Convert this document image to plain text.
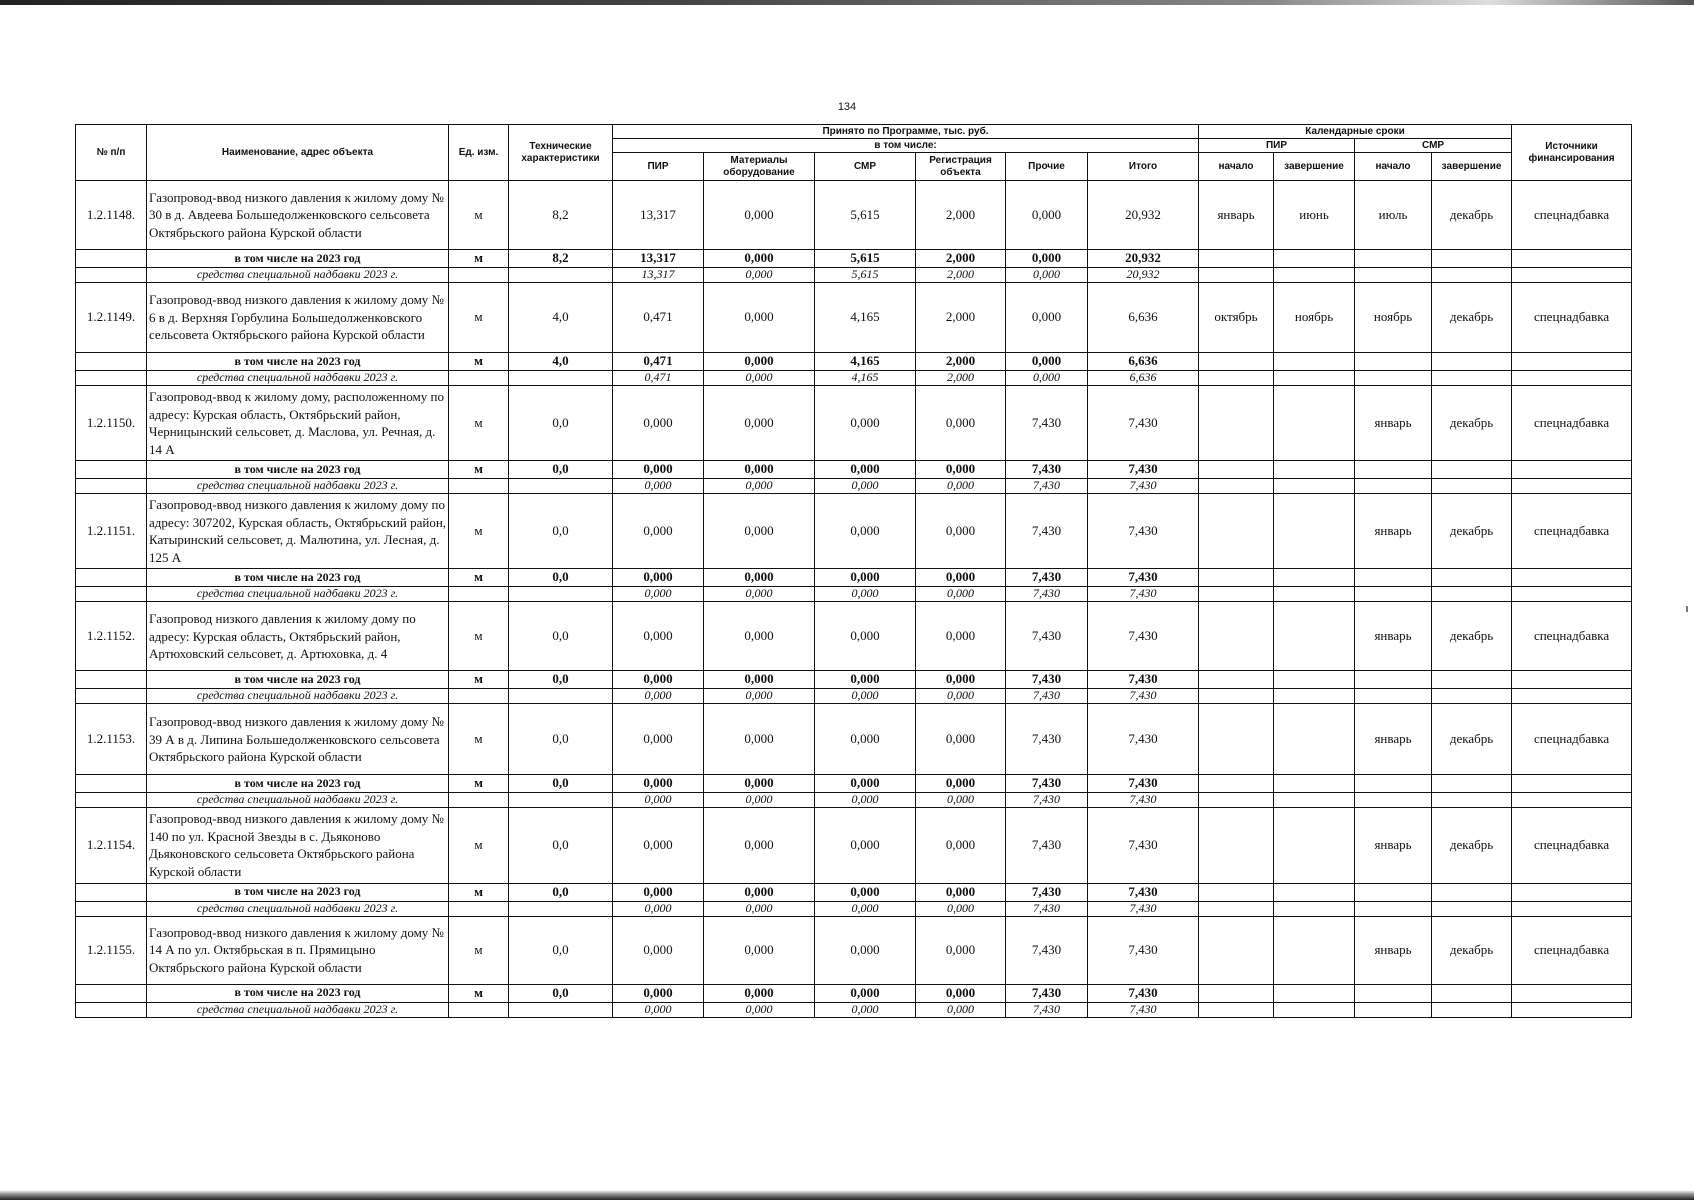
134
№ п/п	Наименование, адрес объекта	Ед. изм.	Технические характеристики	Принято по Программе, тыс. руб.						Календарные сроки				Источники финансирования
				в том числе:						ПИР		СМР		
				ПИР	Материалы оборудование	СМР	Регистрация объекта	Прочие	Итого	начало	завершение	начало	завершение	
1.2.1148.	Газопровод-ввод низкого давления к жилому дому № 30 в д. Авдеева Большедолженковского сельсовета Октябрьского района Курской области	м	8,2	13,317	0,000	5,615	2,000	0,000	20,932	январь	июнь	июль	декабрь	спецнадбавка
	в том числе на 2023 год	м	8,2	13,317	0,000	5,615	2,000	0,000	20,932					
	средства специальной надбавки 2023 г.			13,317	0,000	5,615	2,000	0,000	20,932					
1.2.1149.	Газопровод-ввод низкого давления к жилому дому № 6 в д. Верхняя Горбулина Большедолженковского сельсовета Октябрьского района Курской области	м	4,0	0,471	0,000	4,165	2,000	0,000	6,636	октябрь	ноябрь	ноябрь	декабрь	спецнадбавка
	в том числе на 2023 год	м	4,0	0,471	0,000	4,165	2,000	0,000	6,636					
	средства специальной надбавки 2023 г.			0,471	0,000	4,165	2,000	0,000	6,636					
1.2.1150.	Газопровод-ввод к жилому дому, расположенному по адресу: Курская область, Октябрьский район, Черницынский сельсовет, д. Маслова, ул. Речная, д. 14 А	м	0,0	0,000	0,000	0,000	0,000	7,430	7,430			январь	декабрь	спецнадбавка
	в том числе на 2023 год	м	0,0	0,000	0,000	0,000	0,000	7,430	7,430					
	средства специальной надбавки 2023 г.			0,000	0,000	0,000	0,000	7,430	7,430					
1.2.1151.	Газопровод-ввод низкого давления к жилому дому по адресу: 307202, Курская область, Октябрьский район, Катыринский сельсовет, д. Малютина, ул. Лесная, д. 125 А	м	0,0	0,000	0,000	0,000	0,000	7,430	7,430			январь	декабрь	спецнадбавка
	в том числе на 2023 год	м	0,0	0,000	0,000	0,000	0,000	7,430	7,430					
	средства специальной надбавки 2023 г.			0,000	0,000	0,000	0,000	7,430	7,430					
1.2.1152.	Газопровод низкого давления к жилому дому по адресу: Курская область, Октябрьский район, Артюховский сельсовет, д. Артюховка, д. 4	м	0,0	0,000	0,000	0,000	0,000	7,430	7,430			январь	декабрь	спецнадбавка
	в том числе на 2023 год	м	0,0	0,000	0,000	0,000	0,000	7,430	7,430					
	средства специальной надбавки 2023 г.			0,000	0,000	0,000	0,000	7,430	7,430					
1.2.1153.	Газопровод-ввод низкого давления к жилому дому № 39 А в д. Липина Большедолженковского сельсовета Октябрьского района Курской области	м	0,0	0,000	0,000	0,000	0,000	7,430	7,430			январь	декабрь	спецнадбавка
	в том числе на 2023 год	м	0,0	0,000	0,000	0,000	0,000	7,430	7,430					
	средства специальной надбавки 2023 г.			0,000	0,000	0,000	0,000	7,430	7,430					
1.2.1154.	Газопровод-ввод низкого давления к жилому дому № 140 по ул. Красной Звезды в с. Дьяконово Дьяконовского сельсовета Октябрьского района Курской области	м	0,0	0,000	0,000	0,000	0,000	7,430	7,430			январь	декабрь	спецнадбавка
	в том числе на 2023 год	м	0,0	0,000	0,000	0,000	0,000	7,430	7,430					
	средства специальной надбавки 2023 г.			0,000	0,000	0,000	0,000	7,430	7,430					
1.2.1155.	Газопровод-ввод низкого давления к жилому дому № 14 А по ул. Октябрьская в п. Прямицыно Октябрьского района Курской области	м	0,0	0,000	0,000	0,000	0,000	7,430	7,430			январь	декабрь	спецнадбавка
	в том числе на 2023 год	м	0,0	0,000	0,000	0,000	0,000	7,430	7,430					
	средства специальной надбавки 2023 г.			0,000	0,000	0,000	0,000	7,430	7,430					
